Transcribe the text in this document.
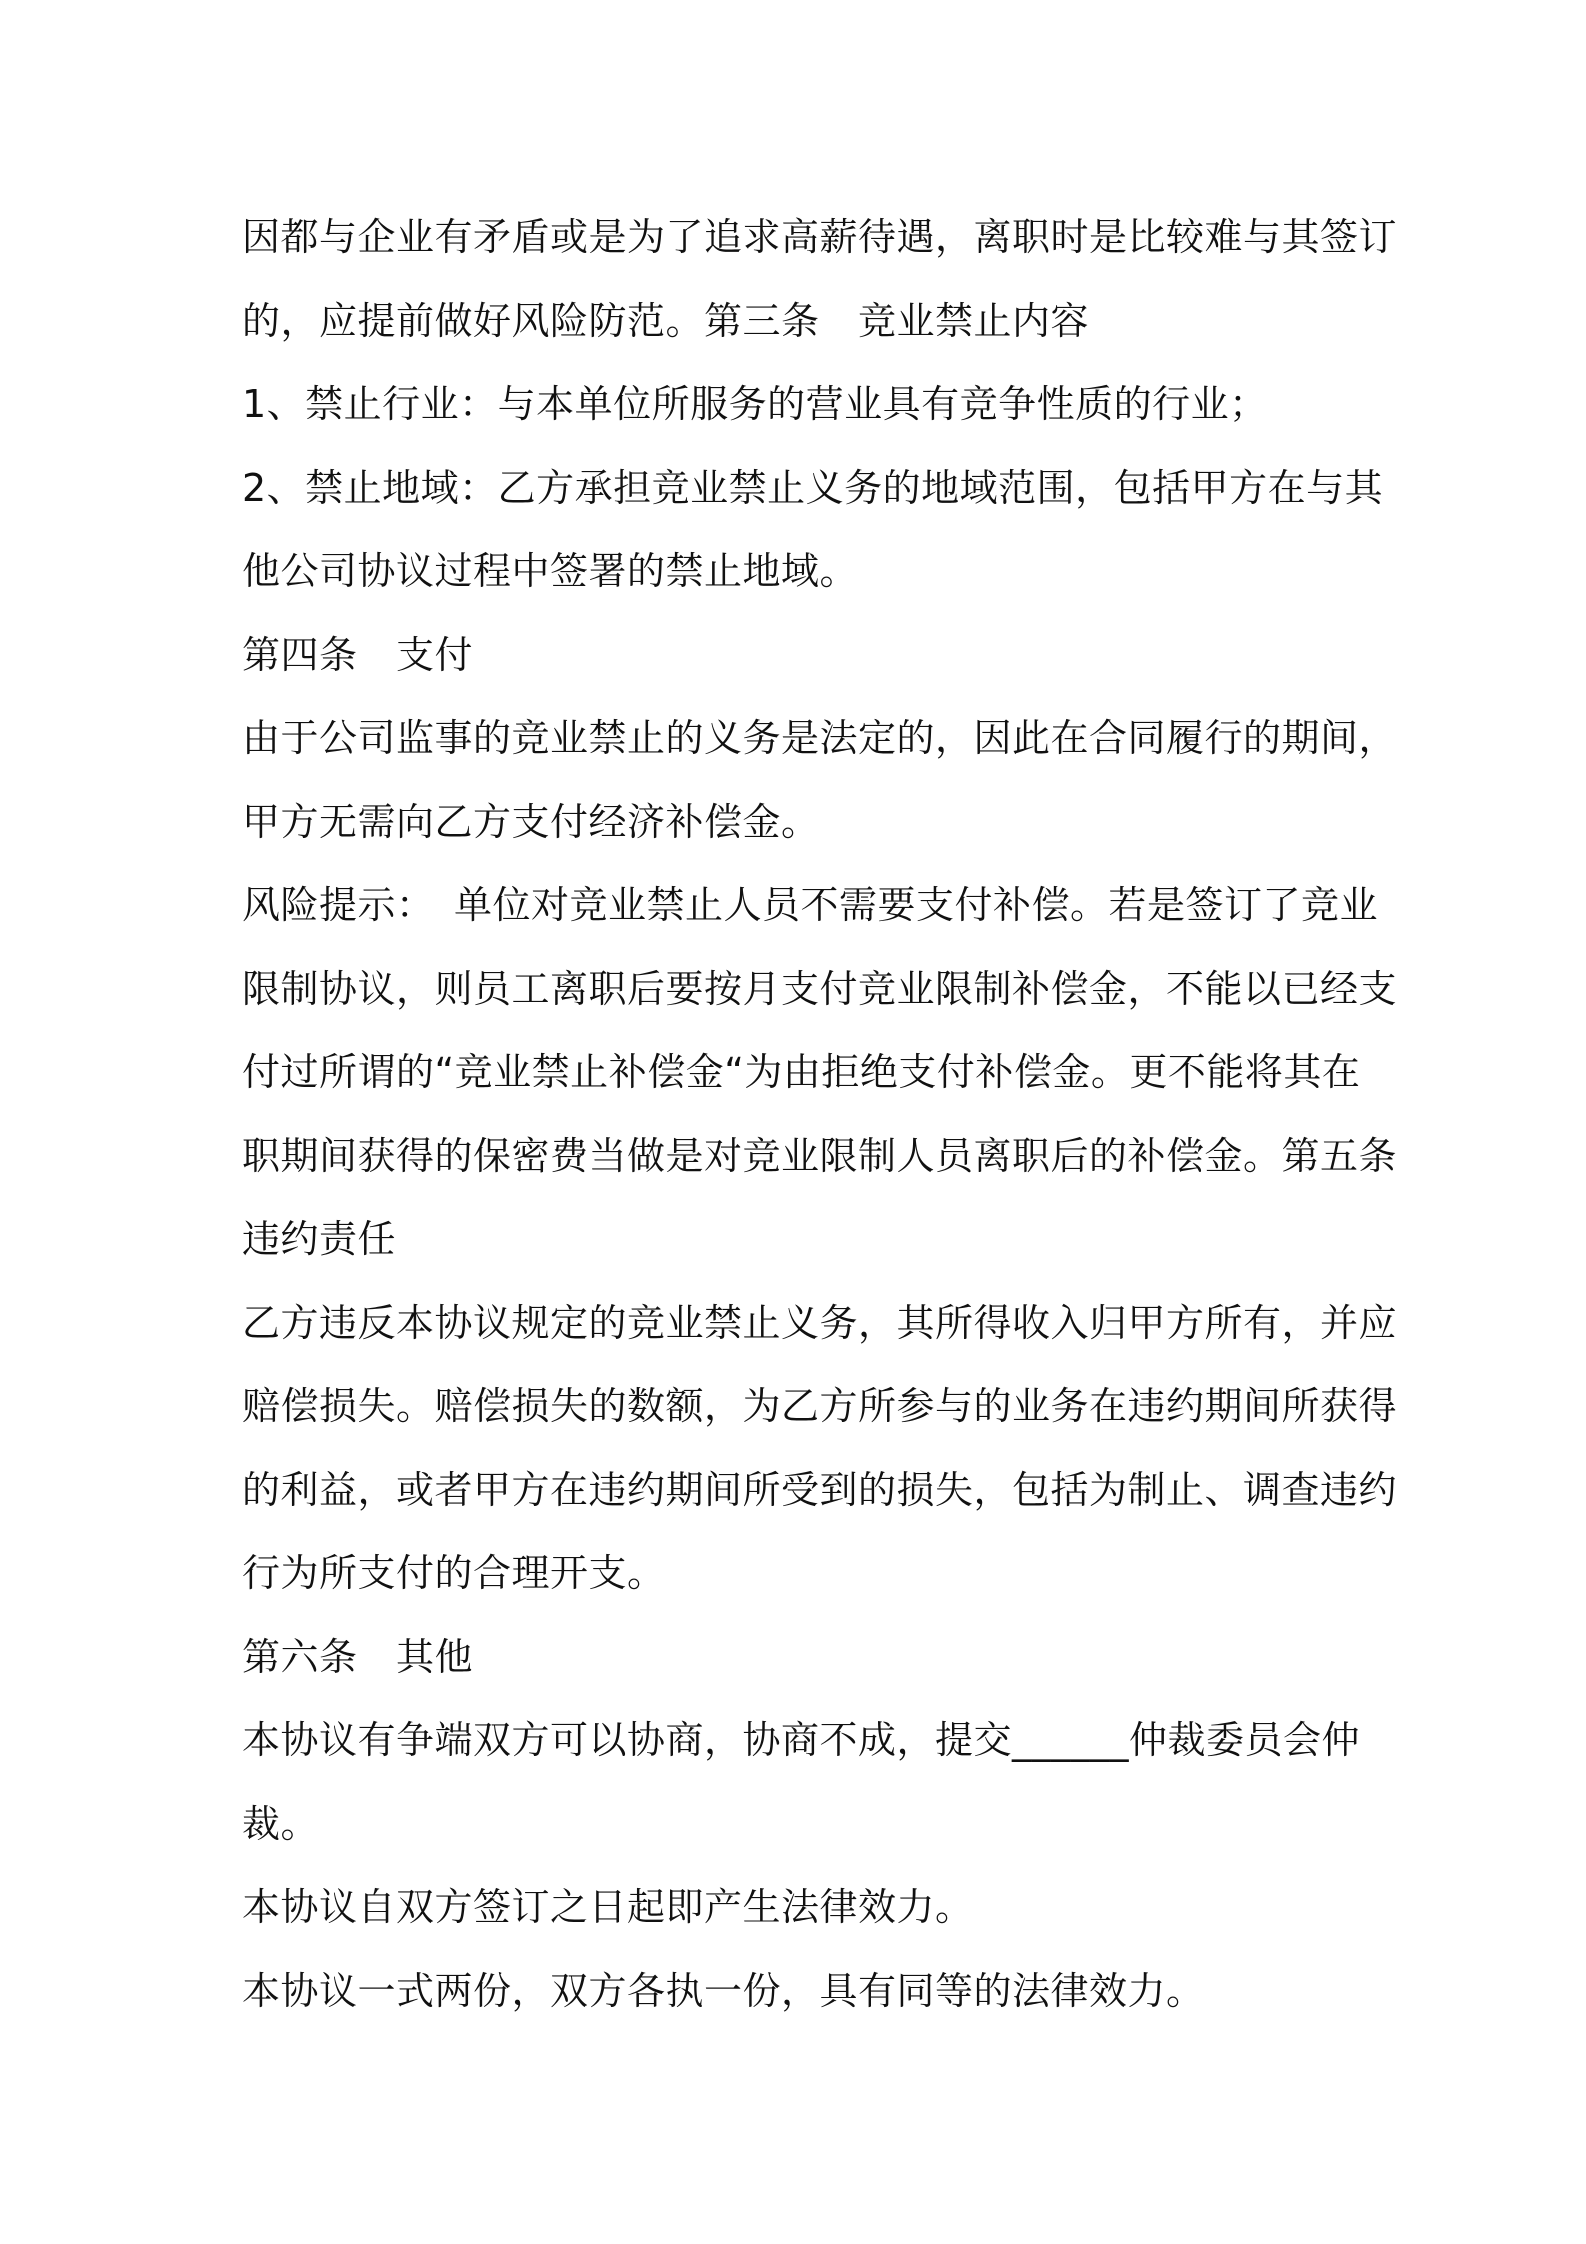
因都与企业有矛盾或是为了追求高薪待遇，离职时是比较难与其签订
的，应提前做好风险防范。第三条　竞业禁止内容
1、禁止行业：与本单位所服务的营业具有竞争性质的行业；
2、禁止地域：乙方承担竞业禁止义务的地域范围，包括甲方在与其
他公司协议过程中签署的禁止地域。
第四条　支付
由于公司监事的竞业禁止的义务是法定的，因此在合同履行的期间，
甲方无需向乙方支付经济补偿金。
风险提示：　单位对竞业禁止人员不需要支付补偿。若是签订了竞业
限制协议，则员工离职后要按月支付竞业限制补偿金，不能以已经支
付过所谓的“竞业禁止补偿金“为由拒绝支付补偿金。更不能将其在
职期间获得的保密费当做是对竞业限制人员离职后的补偿金。第五条
违约责任
乙方违反本协议规定的竞业禁止义务，其所得收入归甲方所有，并应
赔偿损失。赔偿损失的数额，为乙方所参与的业务在违约期间所获得
的利益，或者甲方在违约期间所受到的损失，包括为制止、调查违约
行为所支付的合理开支。
第六条　其他
本协议有争端双方可以协商，协商不成，提交______仲裁委员会仲
裁。
本协议自双方签订之日起即产生法律效力。
本协议一式两份，双方各执一份，具有同等的法律效力。
